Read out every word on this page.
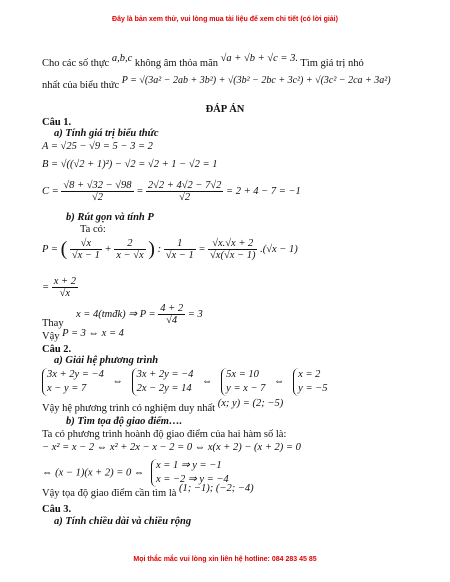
Đây là bản xem thử, vui lòng mua tài liệu để xem chi tiết (có lời giải)
Cho các số thực a,b,c không âm thỏa mãn √a + √b + √c = 3. Tìm giá trị nhỏ
nhất của biểu thức P = √(3a² − 2ab + 3b²) + √(3b² − 2bc + 3c²) + √(3c² − 2ca + 3a²)
ĐÁP ÁN
Câu 1.
a) Tính giá trị biểu thức
A = √25 − √9 = 5 − 3 = 2
B = √((√2 + 1)²) − √2 = √2 + 1 − √2 = 1
$C = \frac{√8 + √32 - √98}{√2} = \frac{2√2 + 4√2 - 7√2}{√2} = 2 + 4 - 7 = -1$
b) Rút gọn và tính P
Ta có:
P = ( $\frac{√x}{√x - 1} + \frac{2}{x - √x}$ ) : $\frac{1}{√x - 1} = \frac{√x.√x + 2}{√x(√x - 1)} .(√x - 1)$
= $\frac{x + 2}{√x}$
x = 4(tmđk) ⇒ $P = \frac{4 + 2}{√4} = 3$
Thay
Vậy P = 3 ⇔ x = 4
Câu 2.
a) Giải hệ phương trình
3x + 2y = −4
x − y = 7
⇔
3x + 2y = −4
2x − 2y = 14
⇔
5x = 10
y = x − 7
⇔
x = 2
y = −5
Vậy hệ phương trình có nghiệm duy nhất (x; y) = (2; −5)
b) Tìm tọa độ giao điểm….
Ta có phương trình hoành độ giao điểm của hai hàm số là:
− x² = x − 2 ⇔ x² + 2x − x − 2 = 0 ⇔ x(x + 2) − (x + 2) = 0
⇔ (x − 1)(x + 2) = 0 ⇔
x = 1 ⇒ y = −1
x = −2 ⇒ y = −4
Vậy tọa độ giao điểm cần tìm là (1; −1); (−2; −4)
Câu 3.
a) Tính chiều dài và chiều rộng
Mọi thắc mắc vui lòng xin liên hệ hotline: 084 283 45 85
